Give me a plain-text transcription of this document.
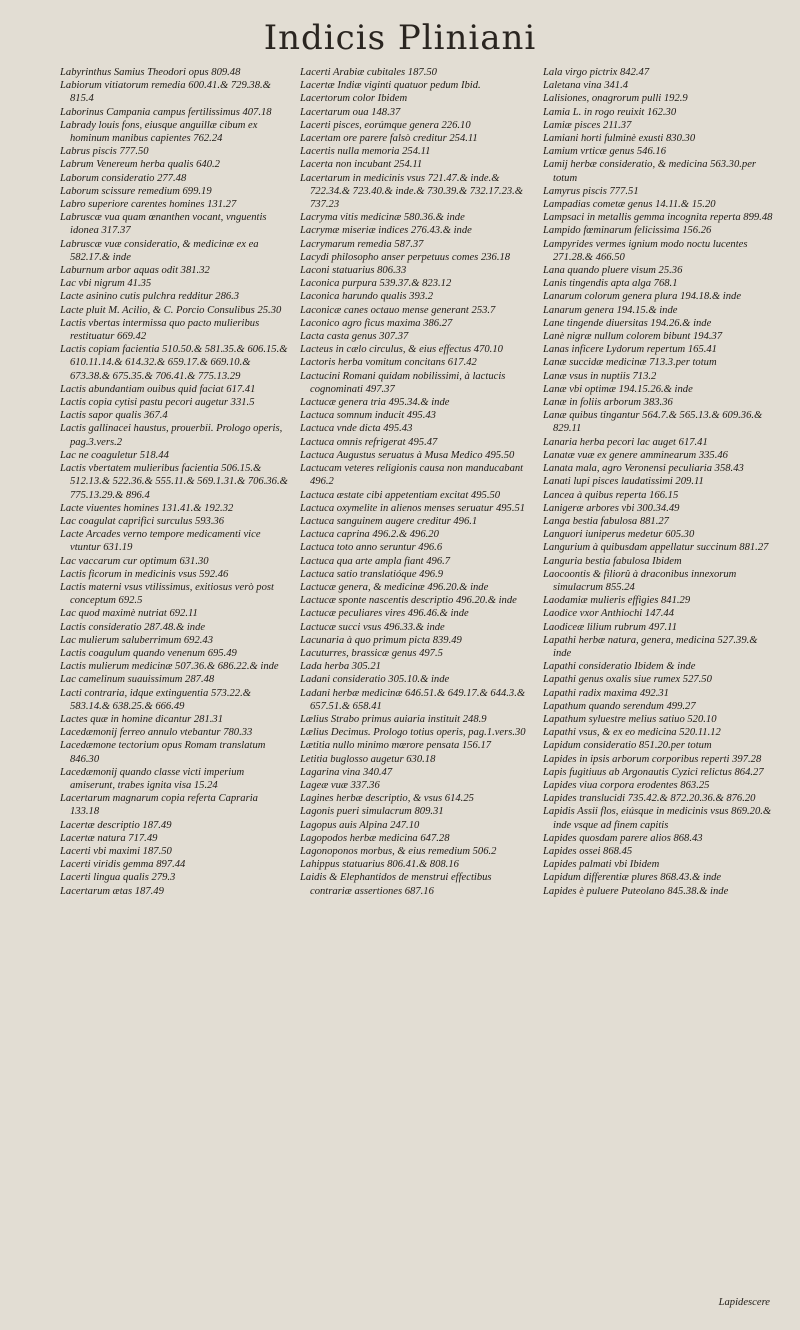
Indicis Pliniani
Labyrinthus Samius Theodori opus 809.48
Labiorum vitiatorum remedia 600.41.& 729.38.& 815.4
Laborinus Campania campus fertilissimus 407.18
Labrady louis fons, eiusque anguillæ cibum ex hominum manibus capientes 762.24
Labrus piscis 777.50
Labrum Venereum herba qualis 640.2
Laborum consideratio 277.48
Laborum scissure remedium 699.19
Labro superiore carentes homines 131.27
Labruscæ vua quam œnanthen vocant, vnguentis idonea 317.37
Labruscæ vuæ consideratio, & medicinæ ex ea 582.17.& inde
Laburnum arbor aquas odit 381.32
Lac vbi nigrum 41.35
Lacte asinino cutis pulchra redditur 286.3
Lacte pluit M. Acilio, & C. Porcio Consulibus 25.30
Lactis vbertas intermissa quo pacto mulieribus restituatur 669.42
Lactis copiam facientia 510.50.& 581.35.& 606.15.& 610.11.14.& 614.32.& 659.17.& 669.10.& 673.38.& 675.35.& 706.41.& 775.13.29
Lactis abundantiam ouibus quid faciat 617.41
Lactis copia cytisi pastu pecori augetur 331.5
Lactis sapor qualis 367.4
Lactis gallinacei haustus, prouerbii. Prologo operis, pag.3.vers.2
Lac ne coaguletur 518.44
Lactis vbertatem mulieribus facientia 506.15.& 512.13.& 522.36.& 555.11.& 569.1.31.& 706.36.& 775.13.29.& 896.4
Lacte viuentes homines 131.41.& 192.32
Lac coagulat caprifici surculus 593.36
Lacte Arcades verno tempore medicamenti vice vtuntur 631.19
Lac vaccarum cur optimum 631.30
Lactis ficorum in medicinis vsus 592.46
Lactis materni vsus vtilissimus, exitiosus verò post conceptum 692.5
Lac quod maximè nutriat 692.11
Lactis consideratio 287.48.& inde
Lac mulierum saluberrimum 692.43
Lactis coagulum quando venenum 695.49
Lactis mulierum medicinæ 507.36.& 686.22.& inde
Lac camelinum suauissimum 287.48
Lacti contraria, idque extinguentia 573.22.& 583.14.& 638.25.& 666.49
Lactes quæ in homine dicantur 281.31
Lacedæmonij ferreo annulo vtebantur 780.33
Lacedæmone tectorium opus Romam translatum 846.30
Lacedæmonij quando classe victi imperium amiserunt, trabes ignita visa 15.24
Lacertarum magnarum copia referta Capraria 133.18
Lacertæ descriptio 187.49
Lacertæ natura 717.49
Lacerti vbi maximi 187.50
Lacerti viridis gemma 897.44
Lacerti lingua qualis 279.3
Lacertarum ætas 187.49
Lacerti Arabiæ cubitales 187.50
Lacertæ Indiæ viginti quatuor pedum Ibid.
Lacertorum color Ibidem
Lacertarum oua 148.37
Lacerti pisces, eorúmque genera 226.10
Lacertam ore parere falsò creditur 254.11
Lacertis nulla memoria 254.11
Lacerta non incubant 254.11
Lacertarum in medicinis vsus 721.47.& inde.& 722.34.& 723.40.& inde.& 730.39.& 732.17.23.& 737.23
Lacryma vitis medicinæ 580.36.& inde
Lacrymæ miseriæ indices 276.43.& inde
Lacrymarum remedia 587.37
Lacydi philosopho anser perpetuus comes 236.18
Laconi statuarius 806.33
Laconica purpura 539.37.& 823.12
Laconica harundo qualis 393.2
Laconicæ canes octauo mense generant 253.7
Laconico agro ficus maxima 386.27
Lacta casta genus 307.37
Lacteus in cælo circulus, & eius effectus 470.10
Lactoris herba vomitum concitans 617.42
Lactucini Romani quidam nobilissimi, à lactucis cognominati 497.37
Lactucæ genera tria 495.34.& inde
Lactuca somnum inducit 495.43
Lactuca vnde dicta 495.43
Lactuca omnis refrigerat 495.47
Lactuca Augustus seruatus à Musa Medico 495.50
Lactucam veteres religionis causa non manducabant 496.2
Lactuca æstate cibi appetentiam excitat 495.50
Lactuca oxymelite in alienos menses seruatur 495.51
Lactuca sanguinem augere creditur 496.1
Lactuca caprina 496.2.& 496.20
Lactuca toto anno seruntur 496.6
Lactuca qua arte ampla fiant 496.7
Lactuca satio translatióque 496.9
Lactucæ genera, & medicinæ 496.20.& inde
Lactucæ sponte nascentis descriptio 496.20.& inde
Lactucæ peculiares vires 496.46.& inde
Lactucæ succi vsus 496.33.& inde
Lacunaria à quo primum picta 839.49
Lacuturres, brassicæ genus 497.5
Lada herba 305.21
Ladani consideratio 305.10.& inde
Ladani herbæ medicinæ 646.51.& 649.17.& 644.3.& 657.51.& 658.41
Lælius Strabo primus auiaria instituit 248.9
Lælius Decimus. Prologo totius operis, pag.1.vers.30
Lætitia nullo minimo mœrore pensata 156.17
Letitia buglosso augetur 630.18
Lagarina vina 340.47
Lageæ vuæ 337.36
Lagines herbæ descriptio, & vsus 614.25
Lagonis pueri simulacrum 809.31
Lagopus auis Alpina 247.10
Lagopodos herbæ medicina 647.28
Lagonoponos morbus, & eius remedium 506.2
Lahippus statuarius 806.41.& 808.16
Laidis & Elephantidos de menstrui effectibus contrariæ assertiones 687.16
Lala virgo pictrix 842.47
Laletana vina 341.4
Lalisiones, onagrorum pulli 192.9
Lamia L. in rogo reuixit 162.30
Lamiæ pisces 211.37
Lamiani horti fulminè exusti 830.30
Lamium vrticæ genus 546.16
Lamij herbæ consideratio, & medicina 563.30.per totum
Lamyrus piscis 777.51
Lampadias cometæ genus 14.11.& 15.20
Lampsaci in metallis gemma incognita reperta 899.48
Lampido fœminarum felicissima 156.26
Lampyrides vermes ignium modo noctu lucentes 271.28.& 466.50
Lana quando pluere visum 25.36
Lanis tingendis apta alga 768.1
Lanarum colorum genera plura 194.18.& inde
Lanarum genera 194.15.& inde
Lane tingende diuersitas 194.26.& inde
Lanè nigræ nullum colorem bibunt 194.37
Lanas inficere Lydorum repertum 165.41
Lanæ succidæ medicinæ 713.3.per totum
Lanæ vsus in nuptiis 713.2
Lanæ vbi optimæ 194.15.26.& inde
Lanæ in foliis arborum 383.36
Lanæ quibus tingantur 564.7.& 565.13.& 609.36.& 829.11
Lanaria herba pecori lac auget 617.41
Lanatæ vuæ ex genere amminearum 335.46
Lanata mala, agro Veronensi peculiaria 358.43
Lanati lupi pisces laudatissimi 209.11
Lancea à quibus reperta 166.15
Lanigeræ arbores vbi 300.34.49
Langa bestia fabulosa 881.27
Languori iuniperus medetur 605.30
Langurium à quibusdam appellatur succinum 881.27
Languria bestia fabulosa Ibidem
Laocoontis & filiorû à draconibus innexorum simulacrum 855.24
Laodamiæ mulieris effigies 841.29
Laodice vxor Anthiochi 147.44
Laodiceæ lilium rubrum 497.11
Lapathi herbæ natura, genera, medicina 527.39.& inde
Lapathi consideratio Ibidem & inde
Lapathi genus oxalis siue rumex 527.50
Lapathi radix maxima 492.31
Lapathum quando serendum 499.27
Lapathum syluestre melius satiuo 520.10
Lapathi vsus, & ex eo medicina 520.11.12
Lapidum consideratio 851.20.per totum
Lapides in ipsis arborum corporibus reperti 397.28
Lapis fugitiuus ab Argonautis Cyzici relictus 864.27
Lapides viua corpora erodentes 863.25
Lapides translucidi 735.42.& 872.20.36.& 876.20
Lapidis Assii flos, eiúsque in medicinis vsus 869.20.& inde vsque ad finem capitis
Lapides quosdam parere alios 868.43
Lapides ossei 868.45
Lapides palmati vbi Ibidem
Lapidum differentiæ plures 868.43.& inde
Lapides è puluere Puteolano 845.38.& inde
Lapidescere
